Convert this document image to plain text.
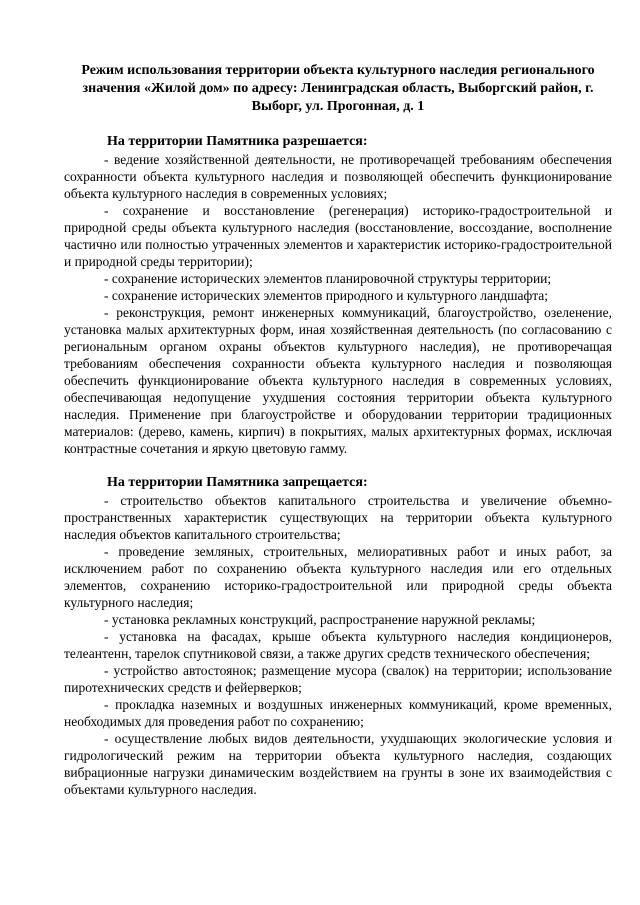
Режим использования территории объекта культурного наследия регионального значения «Жилой дом» по адресу: Ленинградская область, Выборгский район, г. Выборг, ул. Прогонная, д. 1

На территории Памятника разрешается:

- ведение хозяйственной деятельности, не противоречащей требованиям обеспечения сохранности объекта культурного наследия и позволяющей обеспечить функционирование объекта культурного наследия в современных условиях;

- сохранение и восстановление (регенерация) историко-градостроительной и природной среды объекта культурного наследия (восстановление, воссоздание, восполнение частично или полностью утраченных элементов и характеристик историко-градостроительной и природной среды территории);

- сохранение исторических элементов планировочной структуры территории;

- сохранение исторических элементов природного и культурного ландшафта;

- реконструкция, ремонт инженерных коммуникаций, благоустройство, озеленение, установка малых архитектурных форм, иная хозяйственная деятельность (по согласованию с региональным органом охраны объектов культурного наследия), не противоречащая требованиям обеспечения сохранности объекта культурного наследия и позволяющая обеспечить функционирование объекта культурного наследия в современных условиях, обеспечивающая недопущение ухудшения состояния территории объекта культурного наследия. Применение при благоустройстве и оборудовании территории традиционных материалов: (дерево, камень, кирпич) в покрытиях, малых архитектурных формах, исключая контрастные сочетания и яркую цветовую гамму.

На территории Памятника запрещается:

- строительство объектов капитального строительства и увеличение объемно-пространственных характеристик существующих на территории объекта культурного наследия объектов капитального строительства;

- проведение земляных, строительных, мелиоративных работ и иных работ, за исключением работ по сохранению объекта культурного наследия или его отдельных элементов, сохранению историко-градостроительной или природной среды объекта культурного наследия;

- установка рекламных конструкций, распространение наружной рекламы;

- установка на фасадах, крыше объекта культурного наследия кондиционеров, телеантенн, тарелок спутниковой связи, а также других средств технического обеспечения;

- устройство автостоянок; размещение мусора (свалок) на территории; использование пиротехнических средств и фейерверков;

- прокладка наземных и воздушных инженерных коммуникаций, кроме временных, необходимых для проведения работ по сохранению;

- осуществление любых видов деятельности, ухудшающих экологические условия и гидрологический режим на территории объекта культурного наследия, создающих вибрационные нагрузки динамическим воздействием на грунты в зоне их взаимодействия с объектами культурного наследия.
